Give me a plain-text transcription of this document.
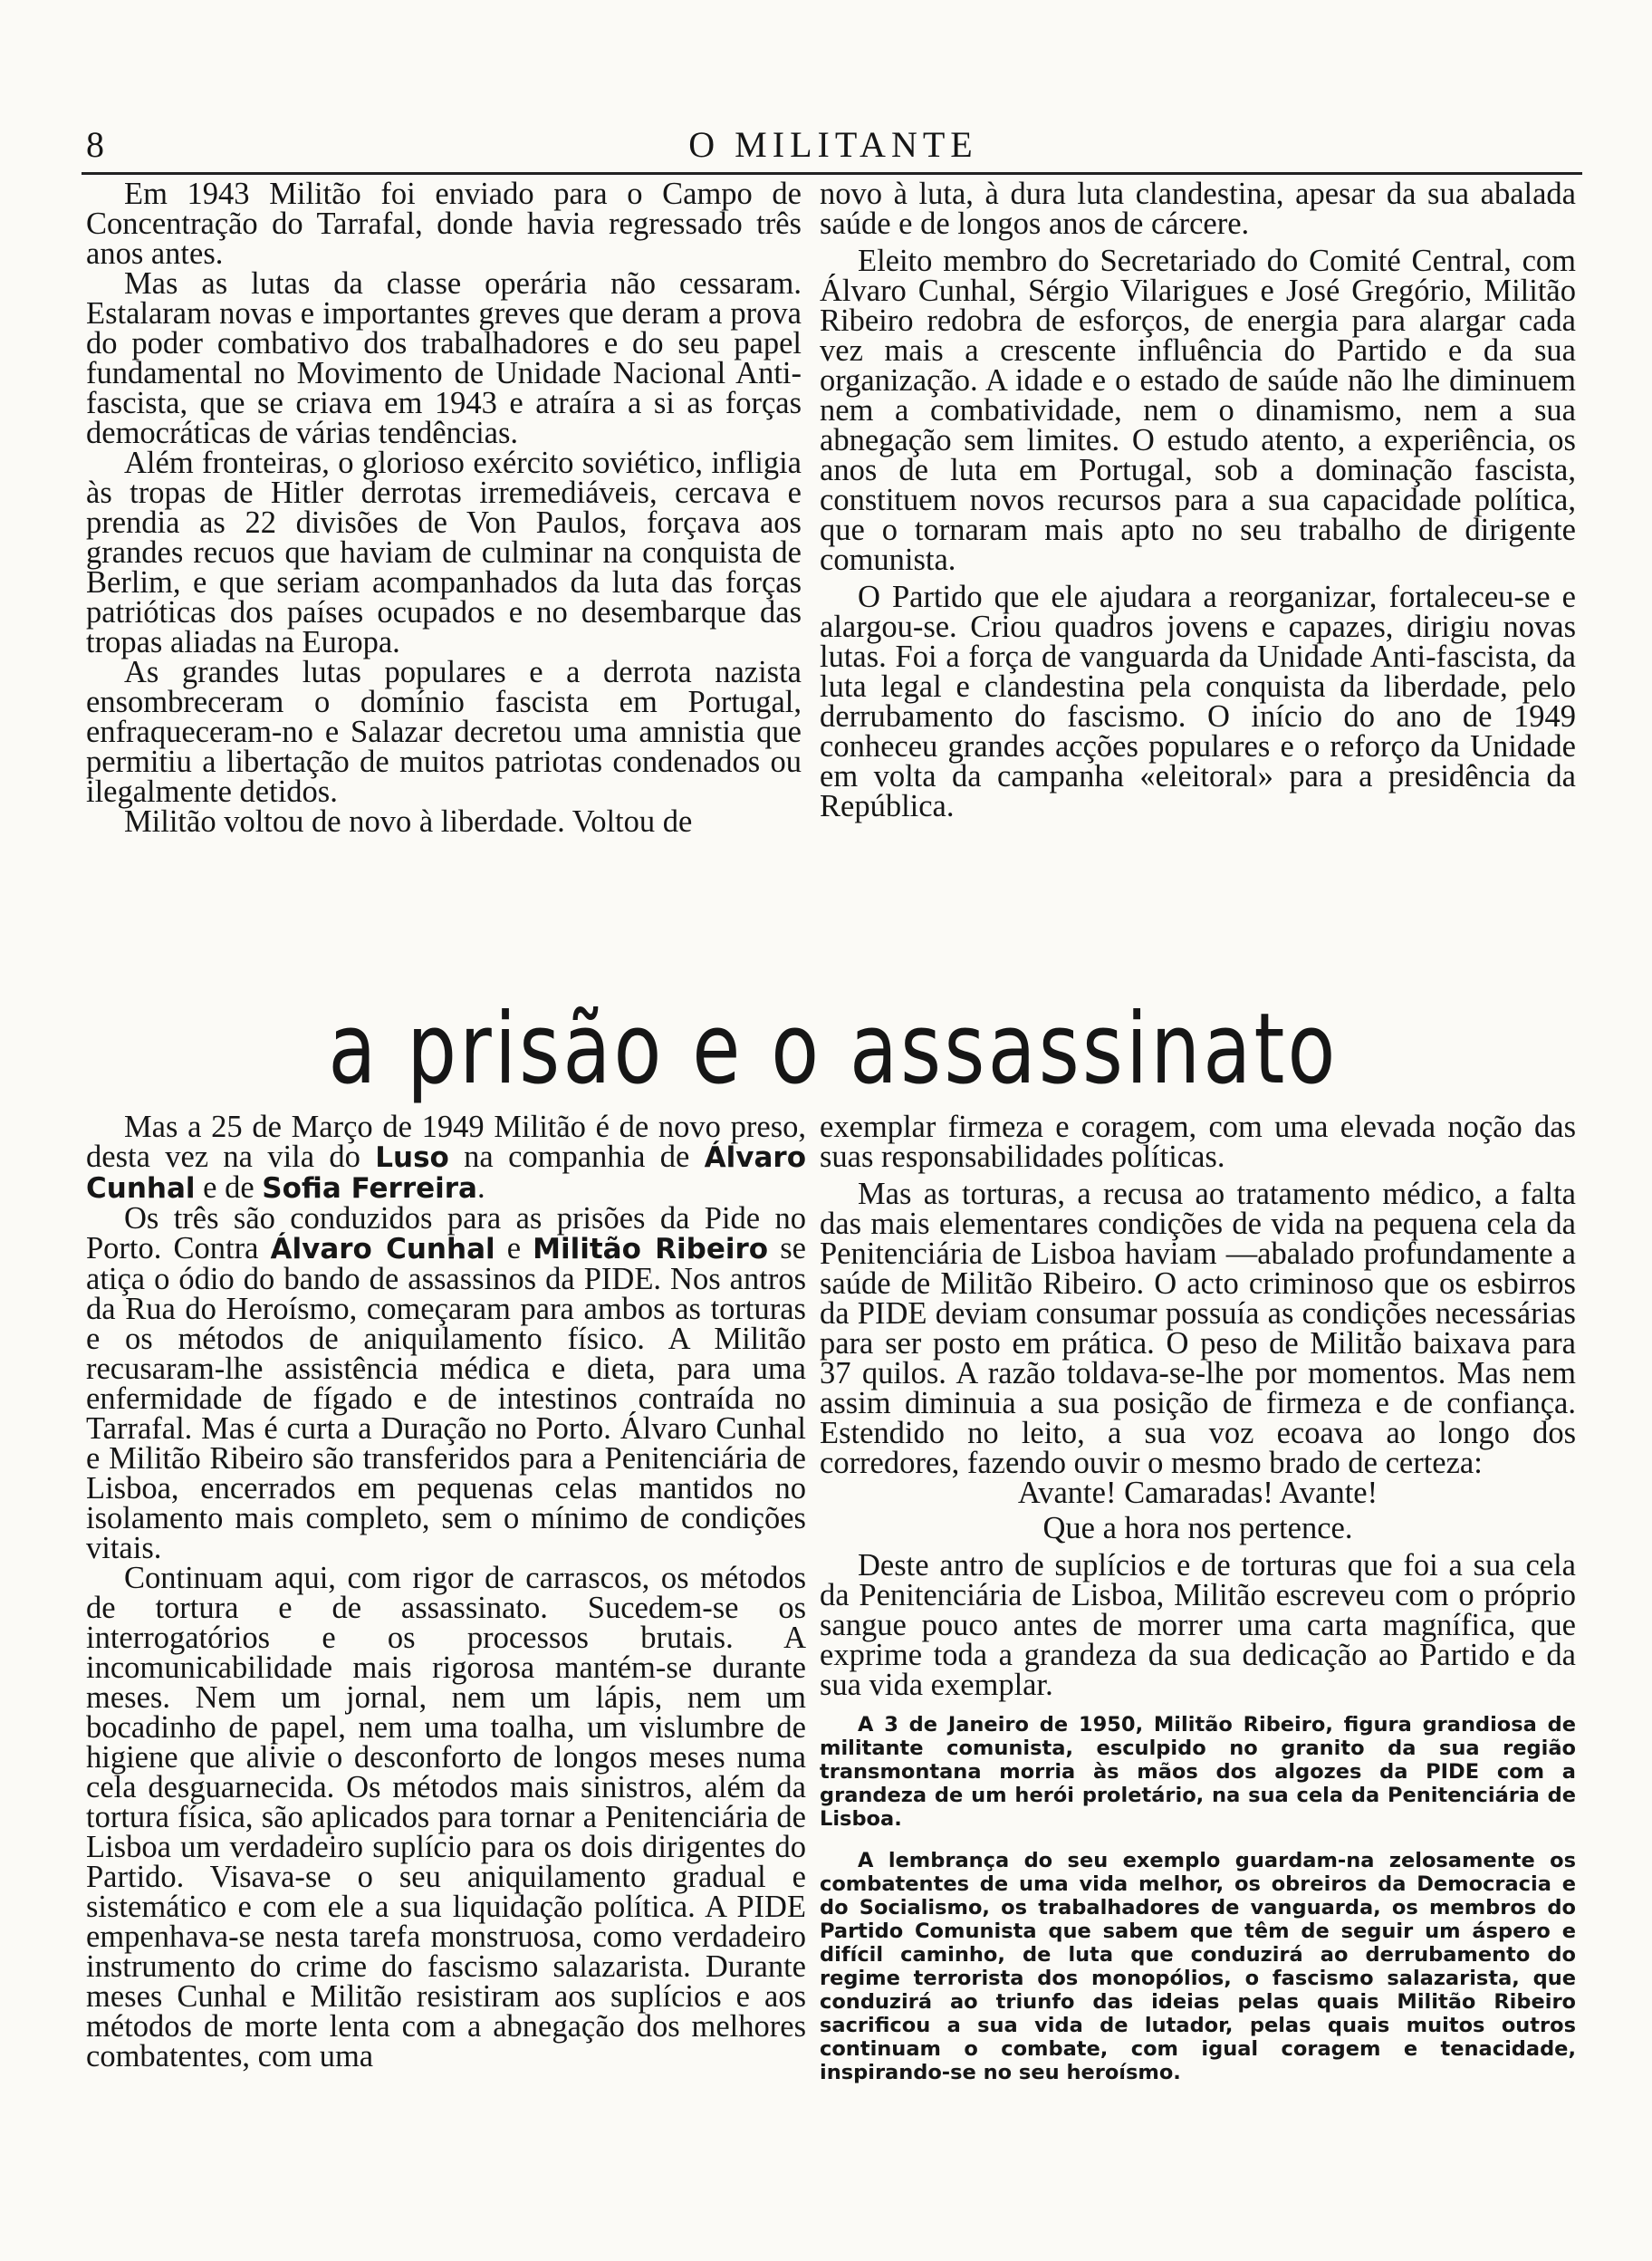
8	O MILITANTE

Em 1943 Militão foi enviado para o Campo de Concentração do Tarrafal, donde havia regressado três anos antes.

Mas as lutas da classe operária não cessaram. Estalaram novas e importantes greves que deram a prova do poder combativo dos trabalhadores e do seu papel fundamental no Movimento de Unidade Nacional Anti-fascista, que se criava em 1943 e atraíra a si as forças democráticas de várias tendências.

Além fronteiras, o glorioso exército soviético, infligia às tropas de Hitler derrotas irremediáveis, cercava e prendia as 22 divisões de Von Paulos, forçava aos grandes recuos que haviam de culminar na conquista de Berlim, e que seriam acompanhados da luta das forças patrióticas dos países ocupados e no desembarque das tropas aliadas na Europa.

As grandes lutas populares e a derrota nazista ensombreceram o domínio fascista em Portugal, enfraqueceram-no e Salazar decretou uma amnistia que permitiu a libertação de muitos patriotas condenados ou ilegalmente detidos.

Militão voltou de novo à liberdade. Voltou de

novo à luta, à dura luta clandestina, apesar da sua abalada saúde e de longos anos de cárcere.

Eleito membro do Secretariado do Comité Central, com Álvaro Cunhal, Sérgio Vilarigues e José Gregório, Militão Ribeiro redobra de esforços, de energia para alargar cada vez mais a crescente influência do Partido e da sua organização. A idade e o estado de saúde não lhe diminuem nem a combatividade, nem o dinamismo, nem a sua abnegação sem limites. O estudo atento, a experiência, os anos de luta em Portugal, sob a dominação fascista, constituem novos recursos para a sua capacidade política, que o tornaram mais apto no seu trabalho de dirigente comunista.

O Partido que ele ajudara a reorganizar, fortaleceu-se e alargou-se. Criou quadros jovens e capazes, dirigiu novas lutas. Foi a força de vanguarda da Unidade Anti-fascista, da luta legal e clandestina pela conquista da liberdade, pelo derrubamento do fascismo. O início do ano de 1949 conheceu grandes acções populares e o reforço da Unidade em volta da campanha «eleitoral» para a presidência da República.

a prisão e o assassinato

Mas a 25 de Março de 1949 Militão é de novo preso, desta vez na vila do Luso na companhia de Álvaro Cunhal e de Sofia Ferreira.

Os três são conduzidos para as prisões da Pide no Porto. Contra Álvaro Cunhal e Militão Ribeiro se atiça o ódio do bando de assassinos da PIDE. Nos antros da Rua do Heroísmo, começaram para ambos as torturas e os métodos de aniquilamento físico. A Militão recusaram-lhe assistência médica e dieta, para uma enfermidade de fígado e de intestinos contraída no Tarrafal. Mas é curta a Duração no Porto. Álvaro Cunhal e Militão Ribeiro são transferidos para a Penitenciária de Lisboa, encerrados em pequenas celas mantidos no isolamento mais completo, sem o mínimo de condições vitais.

Continuam aqui, com rigor de carrascos, os métodos de tortura e de assassinato. Sucedem-se os interrogatórios e os processos brutais. A incomunicabilidade mais rigorosa mantém-se durante meses. Nem um jornal, nem um lápis, nem um bocadinho de papel, nem uma toalha, um vislumbre de higiene que alivie o desconforto de longos meses numa cela desguarnecida. Os métodos mais sinistros, além da tortura física, são aplicados para tornar a Penitenciária de Lisboa um verdadeiro suplício para os dois dirigentes do Partido. Visava-se o seu aniquilamento gradual e sistemático e com ele a sua liquidação política. A PIDE empenhava-se nesta tarefa monstruosa, como verdadeiro instrumento do crime do fascismo salazarista. Durante meses Cunhal e Militão resistiram aos suplícios e aos métodos de morte lenta com a abnegação dos melhores combatentes, com uma

exemplar firmeza e coragem, com uma elevada noção das suas responsabilidades políticas.

Mas as torturas, a recusa ao tratamento médico, a falta das mais elementares condições de vida na pequena cela da Penitenciária de Lisboa haviam —abalado profundamente a saúde de Militão Ribeiro. O acto criminoso que os esbirros da PIDE deviam consumar possuía as condições necessárias para ser posto em prática. O peso de Militão baixava para 37 quilos. A razão toldava-se-lhe por momentos. Mas nem assim diminuia a sua posição de firmeza e de confiança. Estendido no leito, a sua voz ecoava ao longo dos corredores, fazendo ouvir o mesmo brado de certeza:

Avante! Camaradas! Avante!

Que a hora nos pertence.

Deste antro de suplícios e de torturas que foi a sua cela da Penitenciária de Lisboa, Militão escreveu com o próprio sangue pouco antes de morrer uma carta magnífica, que exprime toda a grandeza da sua dedicação ao Partido e da sua vida exemplar.

A 3 de Janeiro de 1950, Militão Ribeiro, figura grandiosa de militante comunista, esculpido no granito da sua região transmontana morria às mãos dos algozes da PIDE com a grandeza de um herói proletário, na sua cela da Penitenciária de Lisboa.

A lembrança do seu exemplo guardam-na zelosamente os combatentes de uma vida melhor, os obreiros da Democracia e do Socialismo, os trabalhadores de vanguarda, os membros do Partido Comunista que sabem que têm de seguir um áspero e difícil caminho, de luta que conduzirá ao derrubamento do regime terrorista dos monopólios, o fascismo salazarista, que conduzirá ao triunfo das ideias pelas quais Militão Ribeiro sacrificou a sua vida de lutador, pelas quais muitos outros continuam o combate, com igual coragem e tenacidade, inspirando-se no seu heroísmo.
